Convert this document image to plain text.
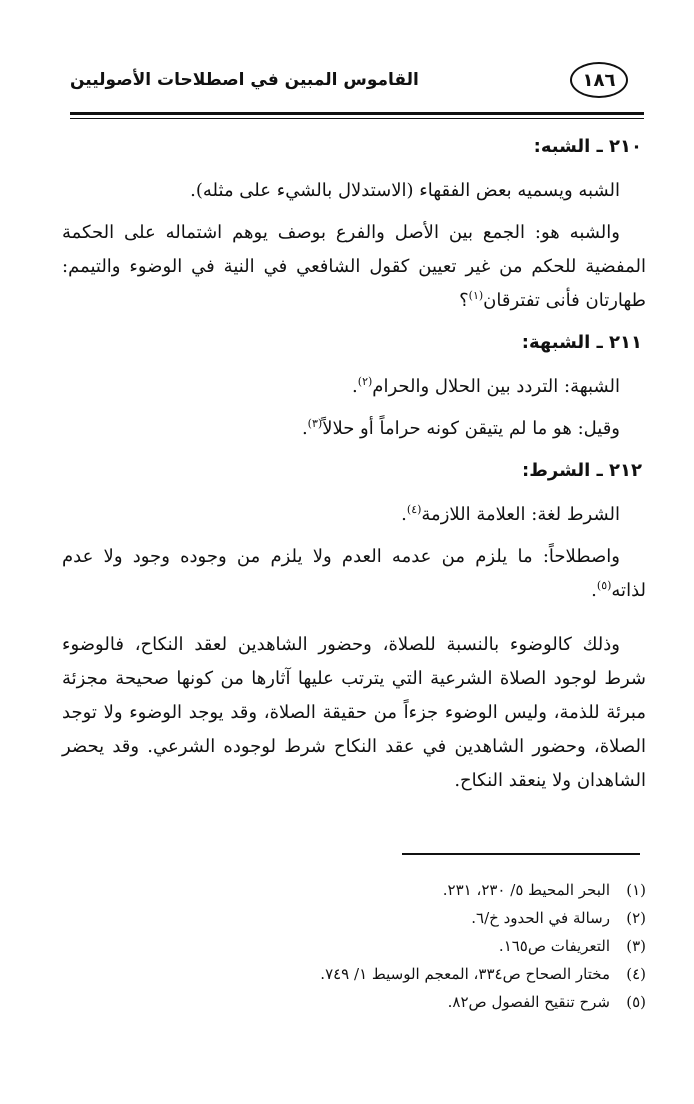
القاموس المبين في اصطلاحات الأصوليين	١٨٦
٢١٠ ـ الشبه:

الشبه ويسميه بعض الفقهاء (الاستدلال بالشيء على مثله).

والشبه هو: الجمع بين الأصل والفرع بوصف يوهم اشتماله على الحكمة المفضية للحكم من غير تعيين كقول الشافعي في النية في الوضوء والتيمم: طهارتان فأنى تفترقان$^{(١)}$؟

٢١١ ـ الشبهة:

الشبهة: التردد بين الحلال والحرام$^{(٢)}$.

وقيل: هو ما لم يتيقن كونه حراماً أو حلالاً$^{(٣)}$.

٢١٢ ـ الشرط:

الشرط لغة: العلامة اللازمة$^{(٤)}$.

واصطلاحاً: ما يلزم من عدمه العدم ولا يلزم من وجوده وجود ولا عدم لذاته$^{(٥)}$.

وذلك كالوضوء بالنسبة للصلاة، وحضور الشاهدين لعقد النكاح، فالوضوء شرط لوجود الصلاة الشرعية التي يترتب عليها آثارها من كونها صحيحة مجزئة مبرئة للذمة، وليس الوضوء جزءاً من حقيقة الصلاة، وقد يوجد الوضوء ولا توجد الصلاة، وحضور الشاهدين في عقد النكاح شرط لوجوده الشرعي. وقد يحضر الشاهدان ولا ينعقد النكاح.

(١)البحر المحيط ٥/ ٢٣٠، ٢٣١.
(٢)رسالة في الحدود خ/٦.
(٣)التعريفات ص١٦٥.
(٤)مختار الصحاح ص٣٣٤، المعجم الوسيط ١/ ٧٤٩.
(٥)شرح تنقيح الفصول ص٨٢.
